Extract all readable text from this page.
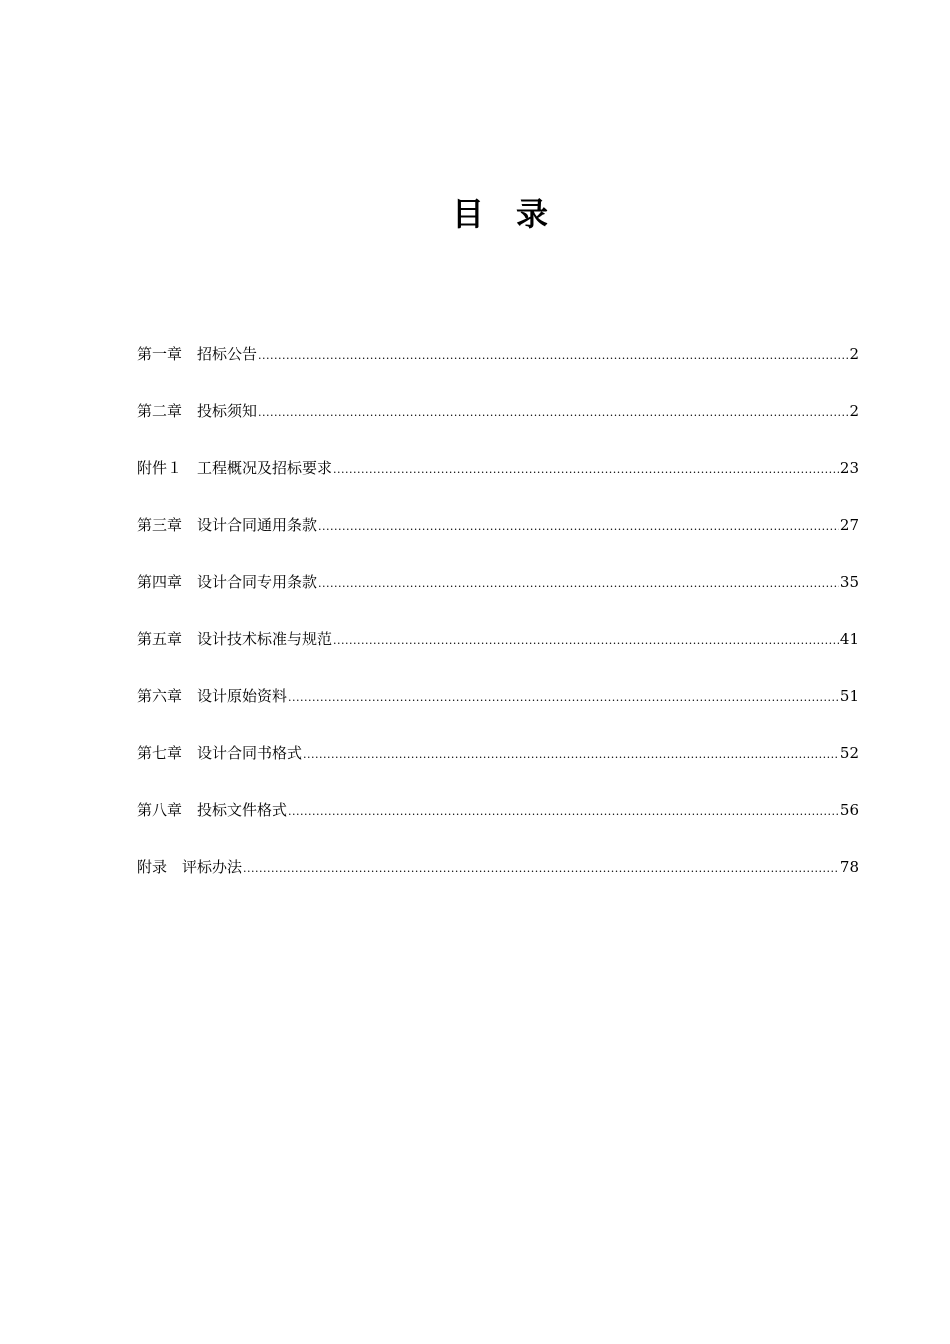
目　录
第一章　招标公告 .....	2
第二章　投标须知 .....	2
附件１　工程概况及招标要求 .....	23
第三章　设计合同通用条款 .....	27
第四章　设计合同专用条款 .....	35
第五章　设计技术标准与规范 .....	41
第六章　设计原始资料 .....	51
第七章　设计合同书格式 .....	52
第八章　投标文件格式 .....	56
附录　评标办法 .....	78
